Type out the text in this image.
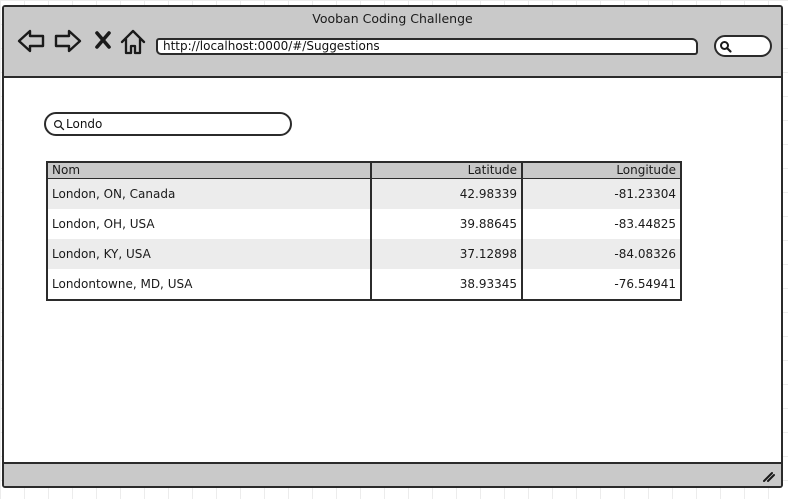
Vooban Coding Challenge
http://localhost:0000/#/Suggestions
Londo
Nom	Latitude	Longitude
London, ON, Canada	42.98339	-81.23304
London, OH, USA	39.88645	-83.44825
London, KY, USA	37.12898	-84.08326
Londontowne, MD, USA	38.93345	-76.54941
